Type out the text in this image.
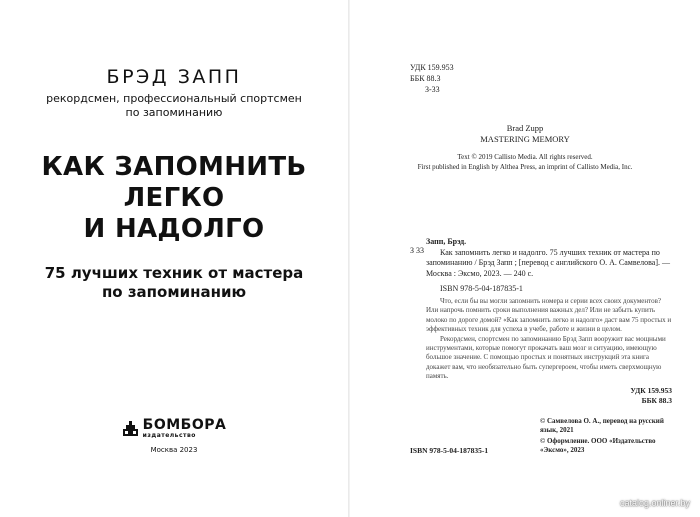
БРЭД ЗАПП
рекордсмен, профессиональный спортсмен
по запоминанию
КАК ЗАПОМНИТЬ
ЛЕГКО
И НАДОЛГО
75 лучших техник от мастера
по запоминанию
БОМБОРА
издательство
Москва 2023
УДК 159.953
ББК 88.3
З-33
Brad Zupp
MASTERING MEMORY
Text © 2019 Callisto Media. All rights reserved.
First published in English by Althea Press, an imprint of Callisto Media, Inc.
З 33
Запп, Брэд.
Как запомнить легко и надолго. 75 лучших техник от мастера по запоминанию / Брэд Запп ; [перевод с английского О. А. Самвелова]. — Москва : Эксмо, 2023. — 240 с.
ISBN 978-5-04-187835-1

Что, если бы вы могли запомнить номера и серии всех своих документов? Или напрочь помнить сроки выполнения важных дел? Или не забыть купить молоко по дороге домой? «Как запомнить легко и надолго» даст вам 75 простых и эффективных техник для успеха в учебе, работе и жизни в целом.

Рекордсмен, спортсмен по запоминанию Брэд Запп вооружит вас мощными инструментами, которые помогут прокачать ваш мозг и ситуацию, имеющую большое значение. С помощью простых и понятных инструкций эта книга докажет вам, что необязательно быть супергероем, чтобы иметь сверхмощную память.

УДК 159.953
ББК 88.3

© Самвелова О. А., перевод на русский язык, 2021

© Оформление. ООО «Издательство «Эксмо», 2023

ISBN 978-5-04-187835-1
catalog.onliner.by
